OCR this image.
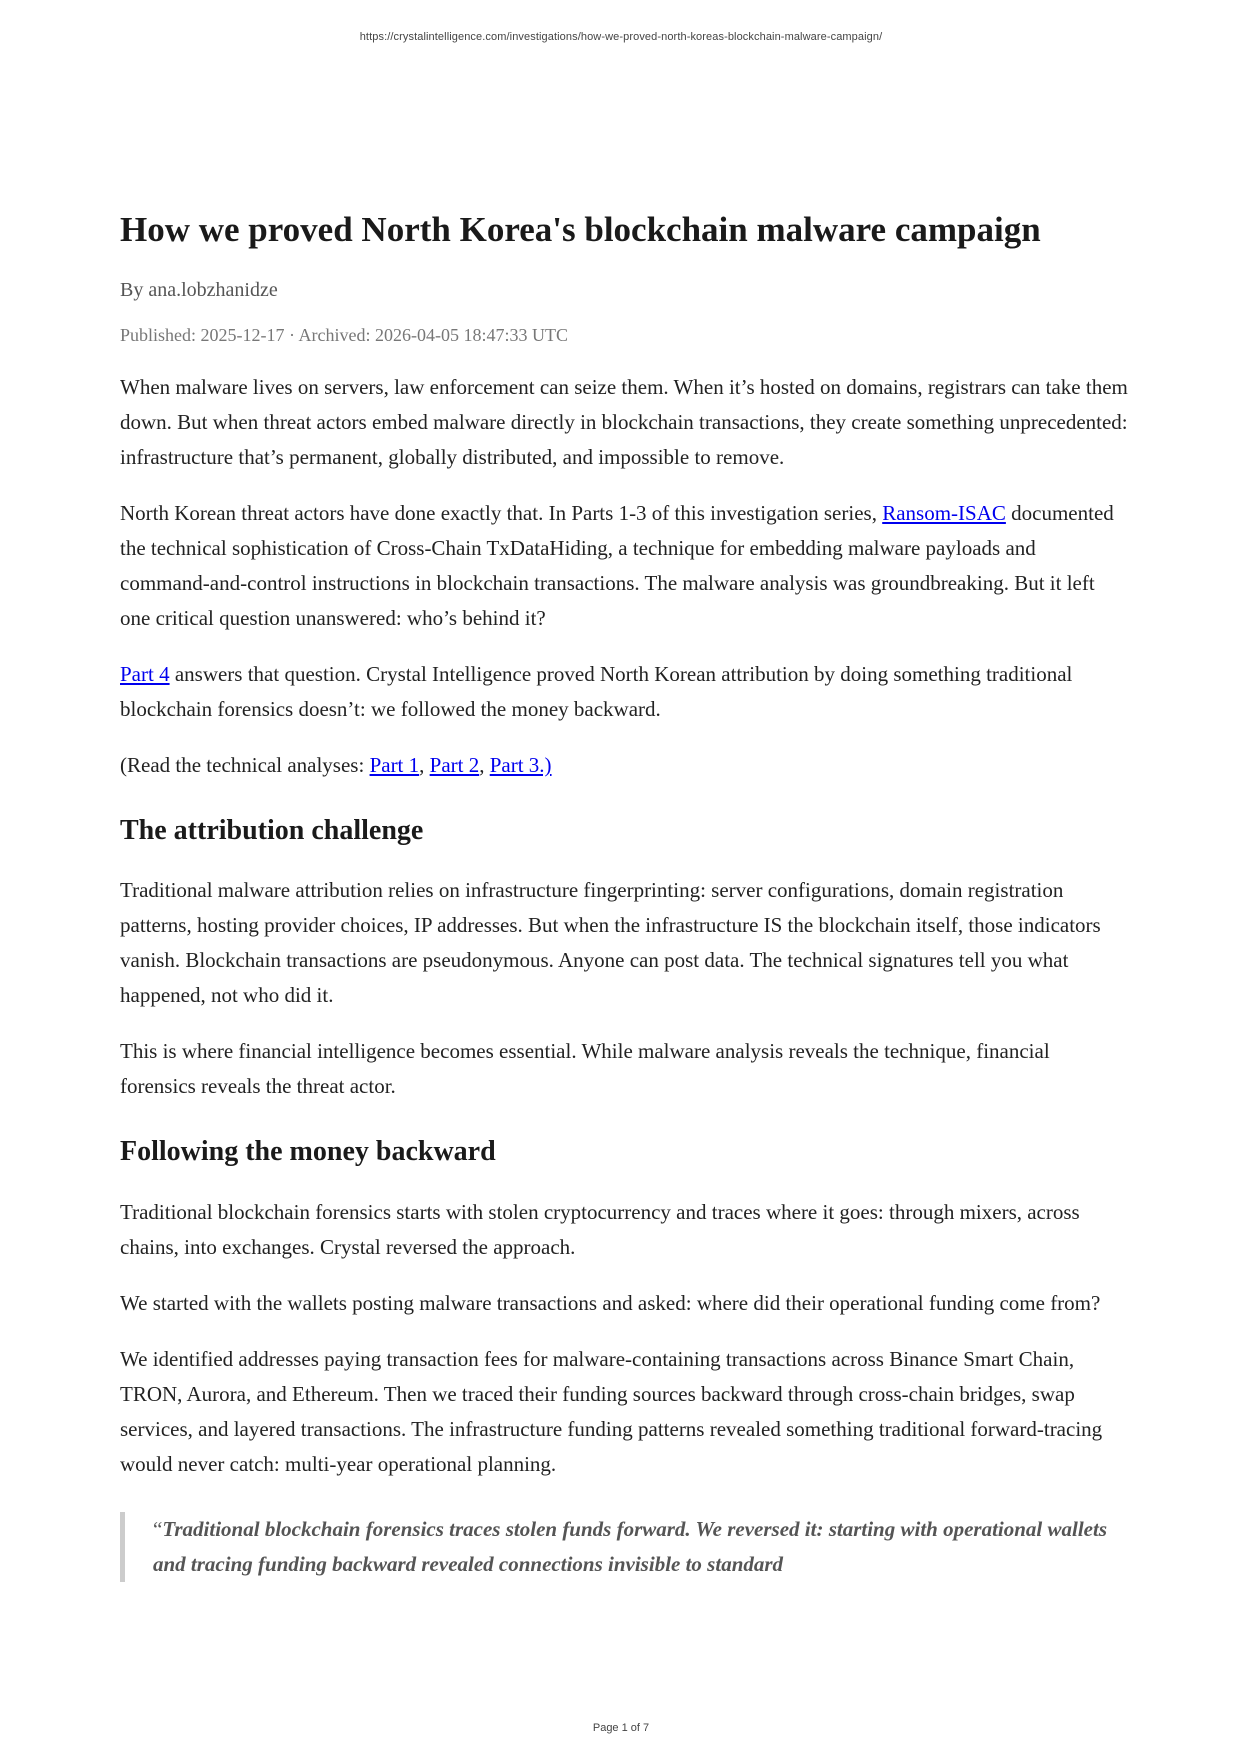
https://crystalintelligence.com/investigations/how-we-proved-north-koreas-blockchain-malware-campaign/
How we proved North Korea's blockchain malware campaign
By ana.lobzhanidze
Published: 2025-12-17 · Archived: 2026-04-05 18:47:33 UTC

When malware lives on servers, law enforcement can seize them. When it’s hosted on domains, registrars can take them down. But when threat actors embed malware directly in blockchain transactions, they create something unprecedented: infrastructure that’s permanent, globally distributed, and impossible to remove.

North Korean threat actors have done exactly that. In Parts 1-3 of this investigation series, Ransom-ISAC documented the technical sophistication of Cross-Chain TxDataHiding, a technique for embedding malware payloads and command-and-control instructions in blockchain transactions. The malware analysis was groundbreaking. But it left one critical question unanswered: who’s behind it?

Part 4 answers that question. Crystal Intelligence proved North Korean attribution by doing something traditional blockchain forensics doesn’t: we followed the money backward.

(Read the technical analyses: Part 1, Part 2, Part 3.)

The attribution challenge

Traditional malware attribution relies on infrastructure fingerprinting: server configurations, domain registration patterns, hosting provider choices, IP addresses. But when the infrastructure IS the blockchain itself, those indicators vanish. Blockchain transactions are pseudonymous. Anyone can post data. The technical signatures tell you what happened, not who did it.

This is where financial intelligence becomes essential. While malware analysis reveals the technique, financial forensics reveals the threat actor.

Following the money backward

Traditional blockchain forensics starts with stolen cryptocurrency and traces where it goes: through mixers, across chains, into exchanges. Crystal reversed the approach.

We started with the wallets posting malware transactions and asked: where did their operational funding come from?

We identified addresses paying transaction fees for malware-containing transactions across Binance Smart Chain, TRON, Aurora, and Ethereum. Then we traced their funding sources backward through cross-chain bridges, swap services, and layered transactions. The infrastructure funding patterns revealed something traditional forward-tracing would never catch: multi-year operational planning.

“Traditional blockchain forensics traces stolen funds forward. We reversed it: starting with operational wallets and tracing funding backward revealed connections invisible to standard
Page 1 of 7
